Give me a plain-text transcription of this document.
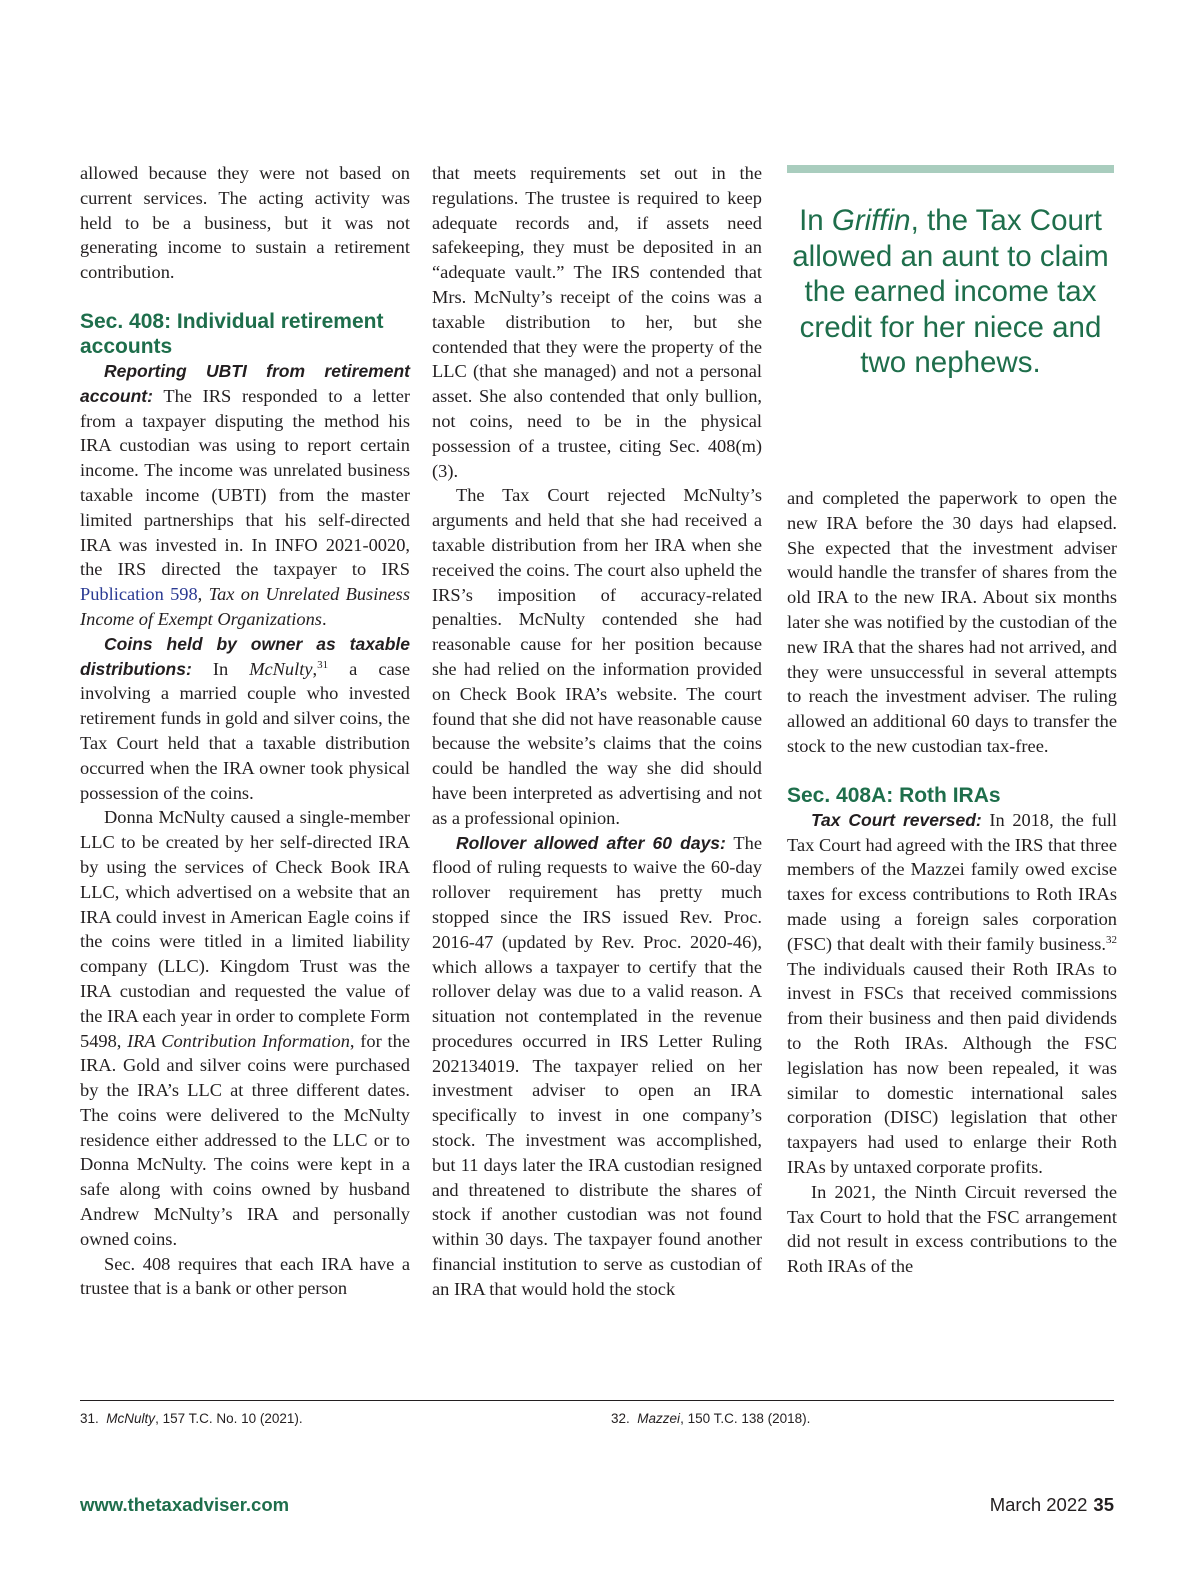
allowed because they were not based on current services. The acting activity was held to be a business, but it was not generating income to sustain a retirement contribution.

Sec. 408: Individual retirement accounts

Reporting UBTI from retirement account: The IRS responded to a letter from a taxpayer disputing the method his IRA custodian was using to report certain income. The income was unrelated business taxable income (UBTI) from the master limited partnerships that his self-directed IRA was invested in. In INFO 2021-0020, the IRS directed the taxpayer to IRS Publication 598, Tax on Unrelated Business Income of Exempt Organizations.

Coins held by owner as taxable distributions: In McNulty,$^{31}$ a case involving a married couple who invested retirement funds in gold and silver coins, the Tax Court held that a taxable distribution occurred when the IRA owner took physical possession of the coins.

Donna McNulty caused a single-member LLC to be created by her self-directed IRA by using the services of Check Book IRA LLC, which advertised on a website that an IRA could invest in American Eagle coins if the coins were titled in a limited liability company (LLC). Kingdom Trust was the IRA custodian and requested the value of the IRA each year in order to complete Form 5498, IRA Contribution Information, for the IRA. Gold and silver coins were purchased by the IRA’s LLC at three different dates. The coins were delivered to the McNulty residence either addressed to the LLC or to Donna McNulty. The coins were kept in a safe along with coins owned by husband Andrew McNulty’s IRA and personally owned coins.

Sec. 408 requires that each IRA have a trustee that is a bank or other person

that meets requirements set out in the regulations. The trustee is required to keep adequate records and, if assets need safekeeping, they must be deposited in an “adequate vault.” The IRS contended that Mrs. McNulty’s receipt of the coins was a taxable distribution to her, but she contended that they were the property of the LLC (that she managed) and not a personal asset. She also contended that only bullion, not coins, need to be in the physical possession of a trustee, citing Sec. 408(m)(3).

The Tax Court rejected McNulty’s arguments and held that she had received a taxable distribution from her IRA when she received the coins. The court also upheld the IRS’s imposition of accuracy-related penalties. McNulty contended she had reasonable cause for her position because she had relied on the information provided on Check Book IRA’s website. The court found that she did not have reasonable cause because the website’s claims that the coins could be handled the way she did should have been interpreted as advertising and not as a professional opinion.

Rollover allowed after 60 days: The flood of ruling requests to waive the 60-day rollover requirement has pretty much stopped since the IRS issued Rev. Proc. 2016-47 (updated by Rev. Proc. 2020-46), which allows a taxpayer to certify that the rollover delay was due to a valid reason. A situation not contemplated in the revenue procedures occurred in IRS Letter Ruling 202134019. The taxpayer relied on her investment adviser to open an IRA specifically to invest in one company’s stock. The investment was accomplished, but 11 days later the IRA custodian resigned and threatened to distribute the shares of stock if another custodian was not found within 30 days. The taxpayer found another financial institution to serve as custodian of an IRA that would hold the stock

In Griffin, the Tax Court allowed an aunt to claim the earned income tax credit for her niece and two nephews.

and completed the paperwork to open the new IRA before the 30 days had elapsed. She expected that the investment adviser would handle the transfer of shares from the old IRA to the new IRA. About six months later she was notified by the custodian of the new IRA that the shares had not arrived, and they were unsuccessful in several attempts to reach the investment adviser. The ruling allowed an additional 60 days to transfer the stock to the new custodian tax-free.

Sec. 408A: Roth IRAs

Tax Court reversed: In 2018, the full Tax Court had agreed with the IRS that three members of the Mazzei family owed excise taxes for excess contributions to Roth IRAs made using a foreign sales corporation (FSC) that dealt with their family business.$^{32}$ The individuals caused their Roth IRAs to invest in FSCs that received commissions from their business and then paid dividends to the Roth IRAs. Although the FSC legislation has now been repealed, it was similar to domestic international sales corporation (DISC) legislation that other taxpayers had used to enlarge their Roth IRAs by untaxed corporate profits.

In 2021, the Ninth Circuit reversed the Tax Court to hold that the FSC arrangement did not result in excess contributions to the Roth IRAs of the

31. McNulty, 157 T.C. No. 10 (2021).	32. Mazzei, 150 T.C. 138 (2018).
www.thetaxadviser.com	March 2022 35
